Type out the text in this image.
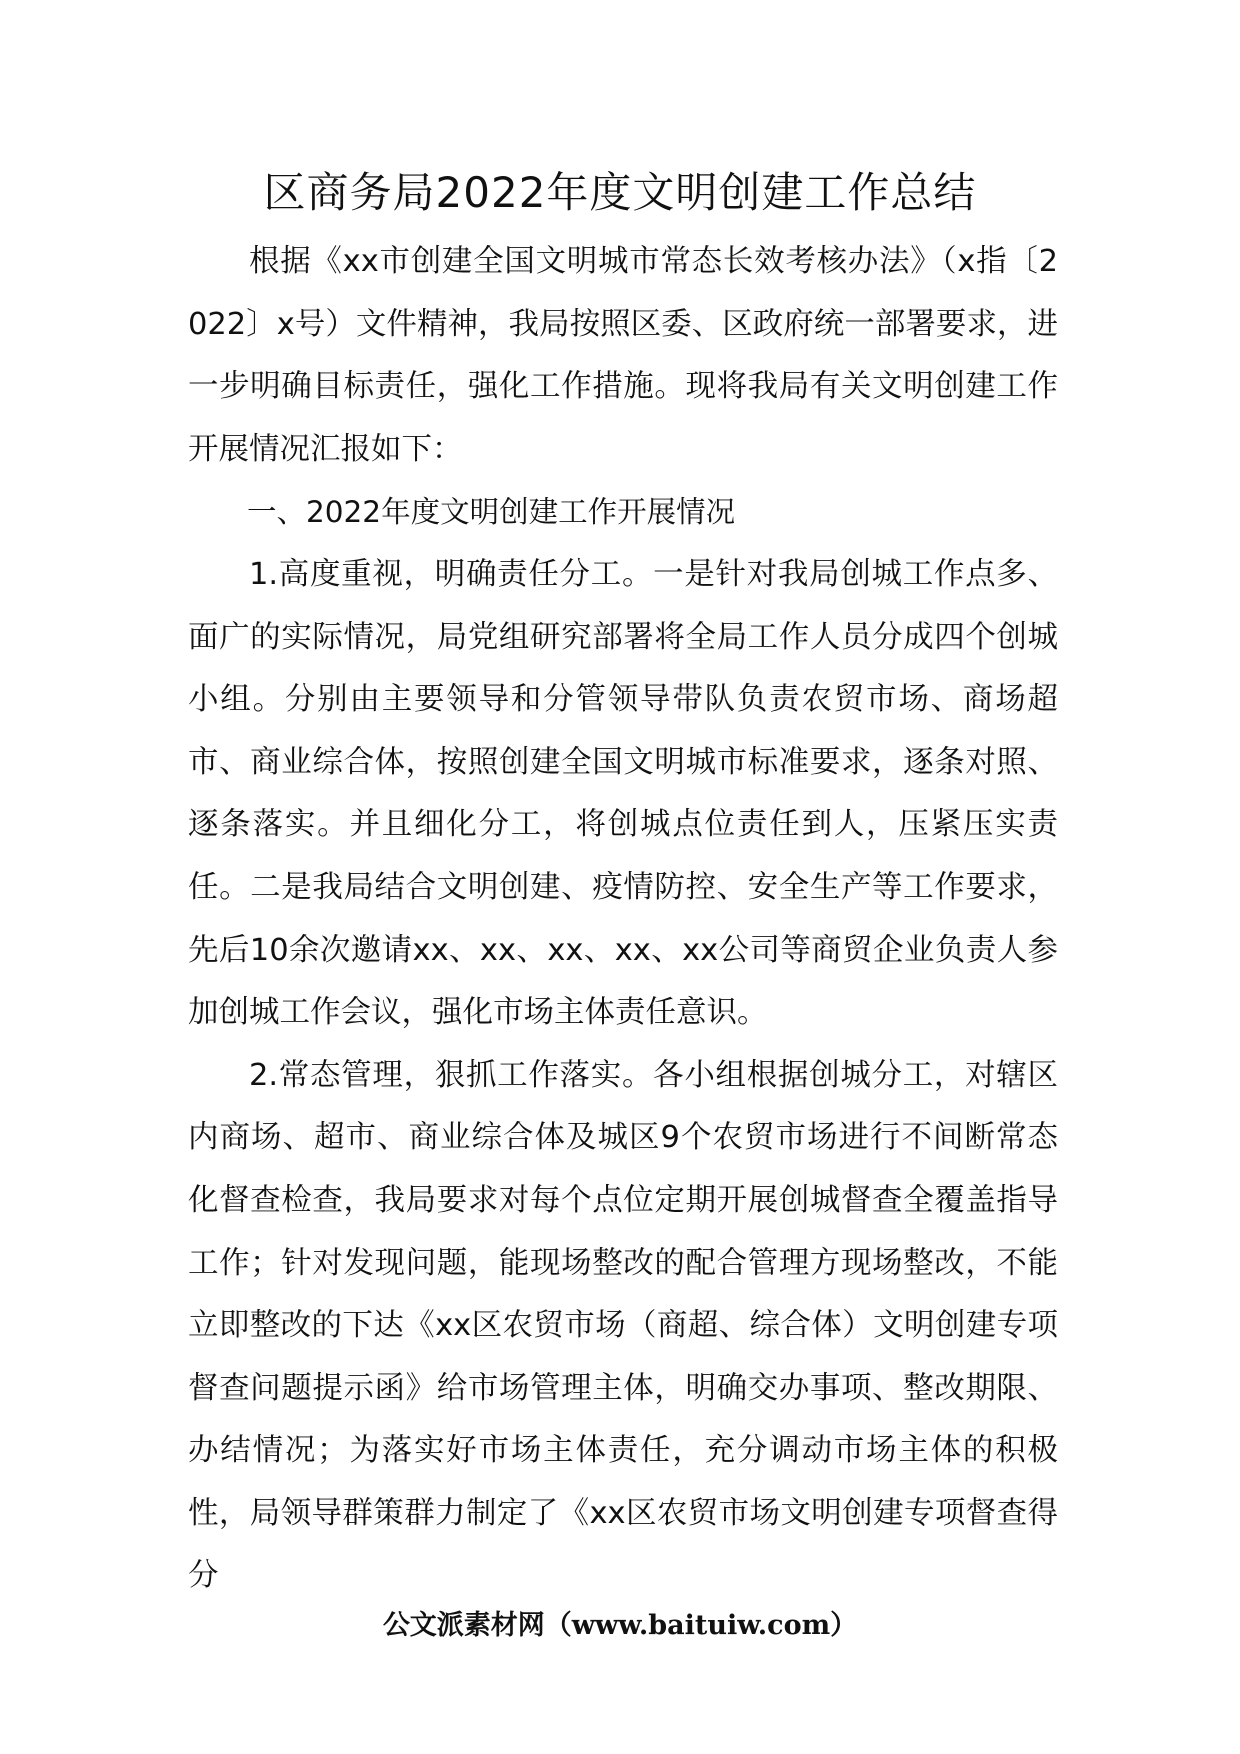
区商务局2022年度文明创建工作总结

根据《xx市创建全国文明城市常态长效考核办法》（x指〔2022〕x号）文件精神，我局按照区委、区政府统一部署要求，进一步明确目标责任，强化工作措施。现将我局有关文明创建工作开展情况汇报如下：

一、2022年度文明创建工作开展情况

1.高度重视，明确责任分工。一是针对我局创城工作点多、面广的实际情况，局党组研究部署将全局工作人员分成四个创城小组。分别由主要领导和分管领导带队负责农贸市场、商场超市、商业综合体，按照创建全国文明城市标准要求，逐条对照、逐条落实。并且细化分工，将创城点位责任到人，压紧压实责任。二是我局结合文明创建、疫情防控、安全生产等工作要求，先后10余次邀请xx、xx、xx、xx、xx公司等商贸企业负责人参加创城工作会议，强化市场主体责任意识。

2.常态管理，狠抓工作落实。各小组根据创城分工，对辖区内商场、超市、商业综合体及城区9个农贸市场进行不间断常态化督查检查，我局要求对每个点位定期开展创城督查全覆盖指导工作；针对发现问题，能现场整改的配合管理方现场整改，不能立即整改的下达《xx区农贸市场（商超、综合体）文明创建专项督查问题提示函》给市场管理主体，明确交办事项、整改期限、办结情况；为落实好市场主体责任，充分调动市场主体的积极性，局领导群策群力制定了《xx区农贸市场文明创建专项督查得分

公文派素材网（www.baituiw.com）
